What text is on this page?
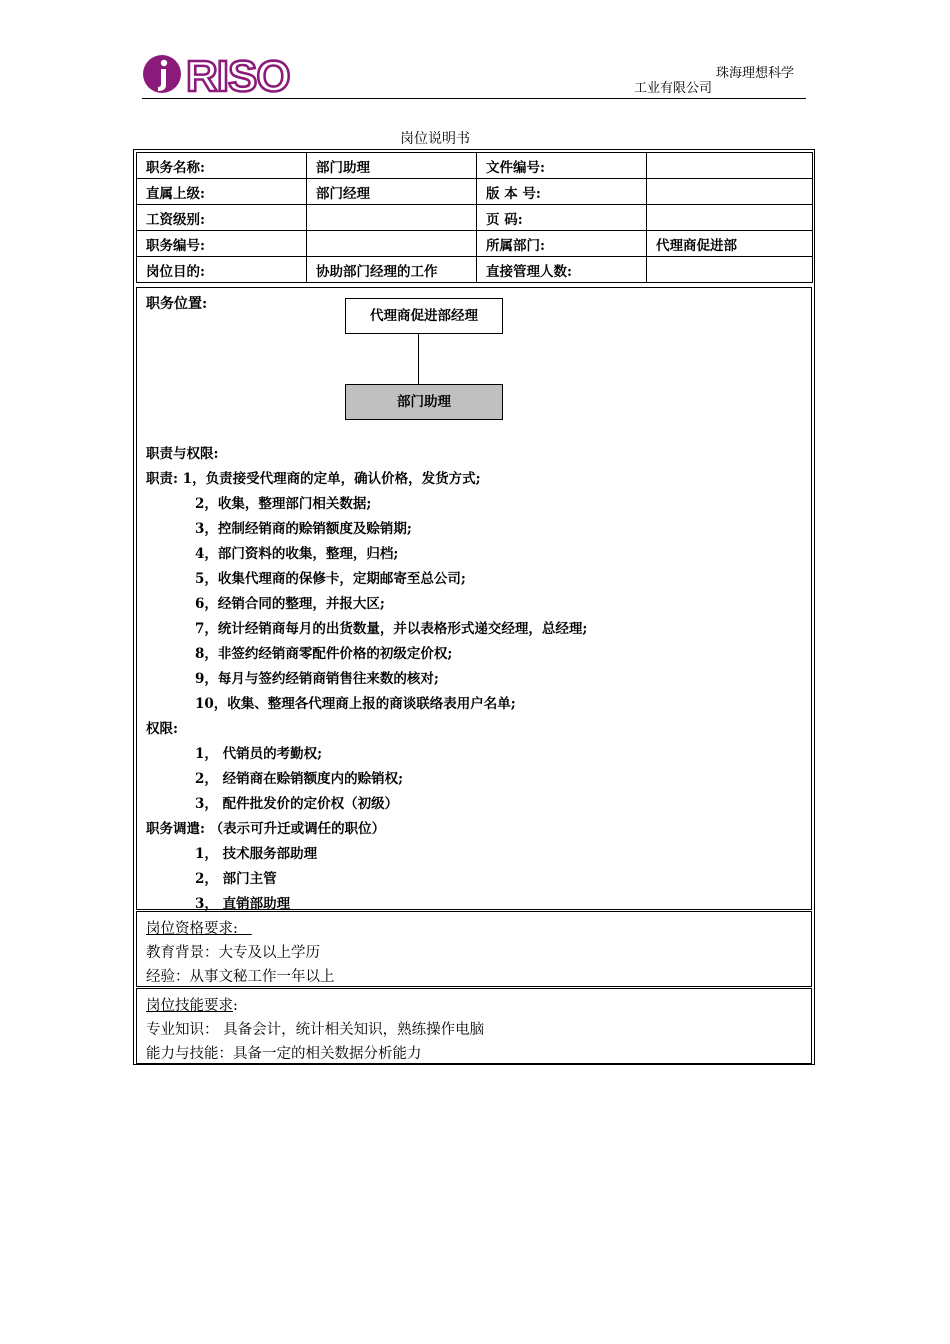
RISO	珠海理想科学
工业有限公司
岗位说明书
职务名称:	部门助理	文件编号:	
直属上级:	部门经理	版 本 号:	
工资级别:		页 码:	
职务编号:		所属部门:	代理商促进部
岗位目的:	协助部门经理的工作	直接管理人数:	
职务位置:
代理商促进部经理
部门助理
职责与权限:
职责: 1，负责接受代理商的定单，确认价格，发货方式;
2，收集，整理部门相关数据;
3，控制经销商的赊销额度及赊销期;
4，部门资料的收集，整理，归档;
5，收集代理商的保修卡，定期邮寄至总公司;
6，经销合同的整理，并报大区;
7，统计经销商每月的出货数量，并以表格形式递交经理，总经理;
8，非签约经销商零配件价格的初级定价权;
9，每月与签约经销商销售往来数的核对;
10，收集、整理各代理商上报的商谈联络表用户名单;
权限:
1， 代销员的考勤权;
2， 经销商在赊销额度内的赊销权;
3， 配件批发价的定价权（初级）
职务调遣: （表示可升迁或调任的职位）
1， 技术服务部助理
2， 部门主管
3， 直销部助理
岗位资格要求:
教育背景：大专及以上学历
经验：从事文秘工作一年以上
岗位技能要求:
专业知识： 具备会计，统计相关知识，熟练操作电脑
能力与技能：具备一定的相关数据分析能力
